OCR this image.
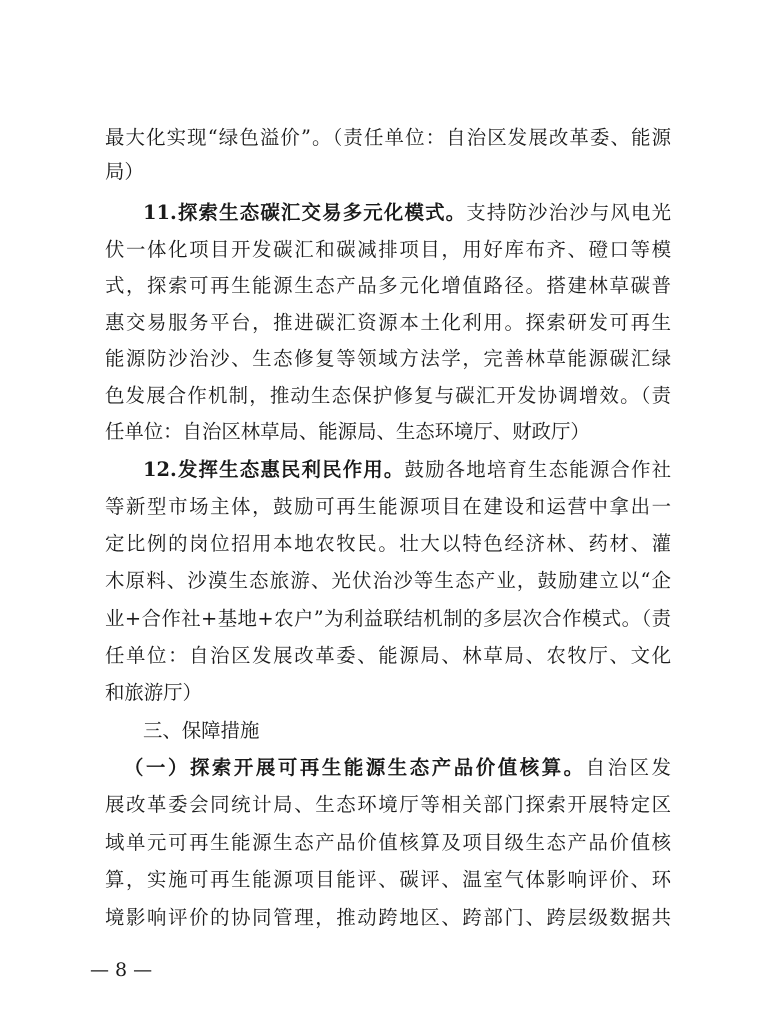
最大化实现“绿色溢价”。（责任单位：自治区发展改革委、能源
局）
11.探索生态碳汇交易多元化模式。支持防沙治沙与风电光
伏一体化项目开发碳汇和碳减排项目，用好库布齐、磴口等模
式，探索可再生能源生态产品多元化增值路径。搭建林草碳普
惠交易服务平台，推进碳汇资源本土化利用。探索研发可再生
能源防沙治沙、生态修复等领域方法学，完善林草能源碳汇绿
色发展合作机制，推动生态保护修复与碳汇开发协调增效。（责
任单位：自治区林草局、能源局、生态环境厅、财政厅）
12.发挥生态惠民利民作用。鼓励各地培育生态能源合作社
等新型市场主体，鼓励可再生能源项目在建设和运营中拿出一
定比例的岗位招用本地农牧民。壮大以特色经济林、药材、灌
木原料、沙漠生态旅游、光伏治沙等生态产业，鼓励建立以“企
业+合作社+基地+农户”为利益联结机制的多层次合作模式。（责
任单位：自治区发展改革委、能源局、林草局、农牧厅、文化
和旅游厅）
三、保障措施
（一）探索开展可再生能源生态产品价值核算。自治区发
展改革委会同统计局、生态环境厅等相关部门探索开展特定区
域单元可再生能源生态产品价值核算及项目级生态产品价值核
算，实施可再生能源项目能评、碳评、温室气体影响评价、环
境影响评价的协同管理，推动跨地区、跨部门、跨层级数据共
— 8 —
